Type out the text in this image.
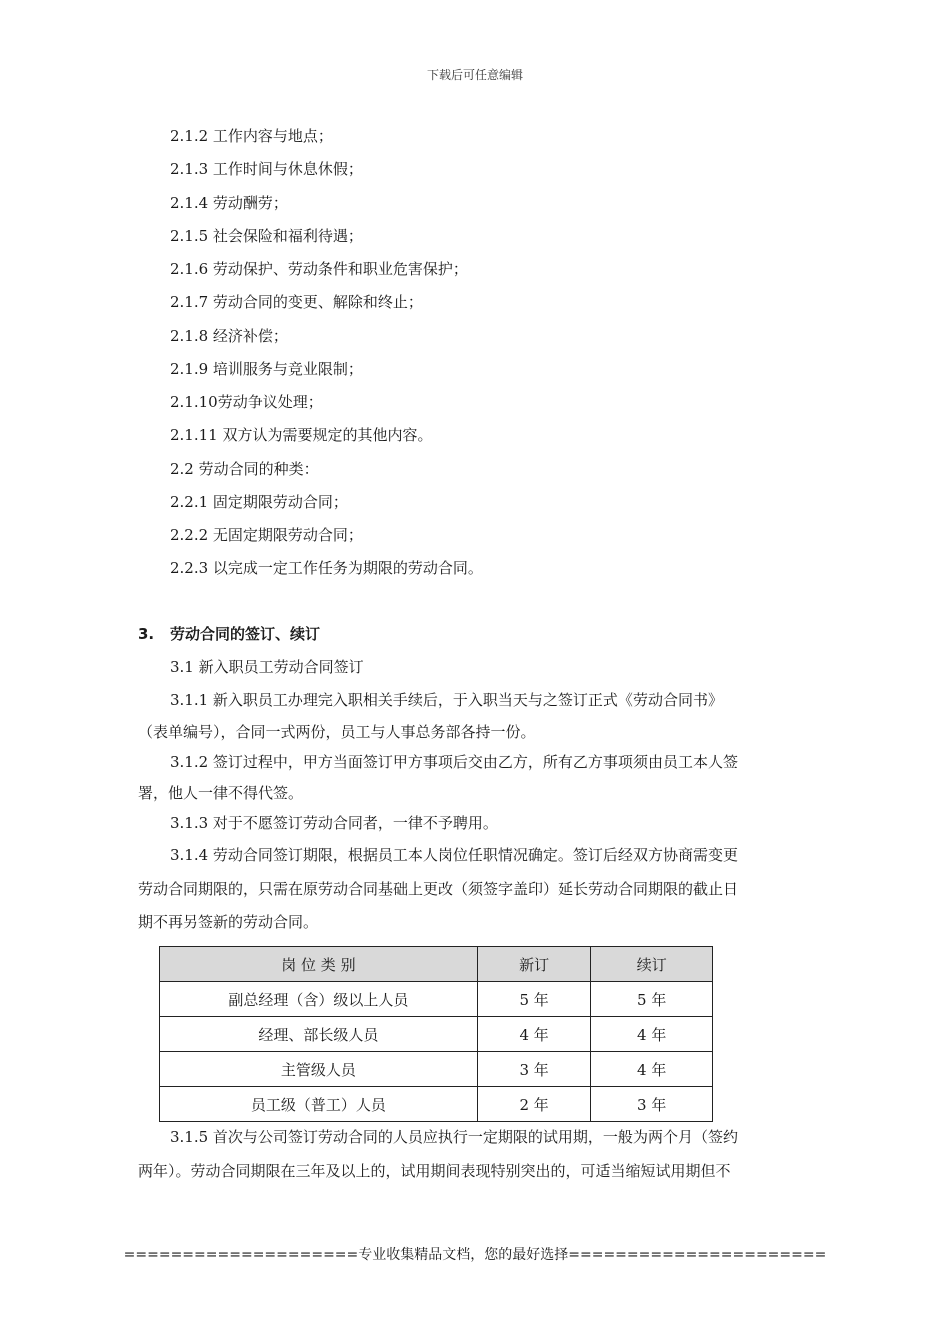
下载后可任意编辑
2.1.2 工作内容与地点；
2.1.3 工作时间与休息休假；
2.1.4 劳动酬劳；
2.1.5 社会保险和福利待遇；
2.1.6 劳动保护、劳动条件和职业危害保护；
2.1.7 劳动合同的变更、解除和终止；
2.1.8 经济补偿；
2.1.9 培训服务与竞业限制；
2.1.10劳动争议处理；
2.1.11 双方认为需要规定的其他内容。
2.2 劳动合同的种类：
2.2.1 固定期限劳动合同；
2.2.2 无固定期限劳动合同；
2.2.3 以完成一定工作任务为期限的劳动合同。
3. 劳动合同的签订、续订
3.1 新入职员工劳动合同签订
3.1.1 新入职员工办理完入职相关手续后，于入职当天与之签订正式《劳动合同书》
（表单编号），合同一式两份，员工与人事总务部各持一份。
3.1.2 签订过程中，甲方当面签订甲方事项后交由乙方，所有乙方事项须由员工本人签
署，他人一律不得代签。
3.1.3 对于不愿签订劳动合同者，一律不予聘用。
3.1.4 劳动合同签订期限，根据员工本人岗位任职情况确定。签订后经双方协商需变更
劳动合同期限的，只需在原劳动合同基础上更改（须签字盖印）延长劳动合同期限的截止日
期不再另签新的劳动合同。
岗 位 类 别	新订	续订
副总经理（含）级以上人员	5 年	5 年
经理、部长级人员	4 年	4 年
主管级人员	3 年	4 年
员工级（普工）人员	2 年	3 年
3.1.5 首次与公司签订劳动合同的人员应执行一定期限的试用期，一般为两个月（签约
两年）。劳动合同期限在三年及以上的，试用期间表现特别突出的，可适当缩短试用期但不
====================专业收集精品文档，您的最好选择======================
